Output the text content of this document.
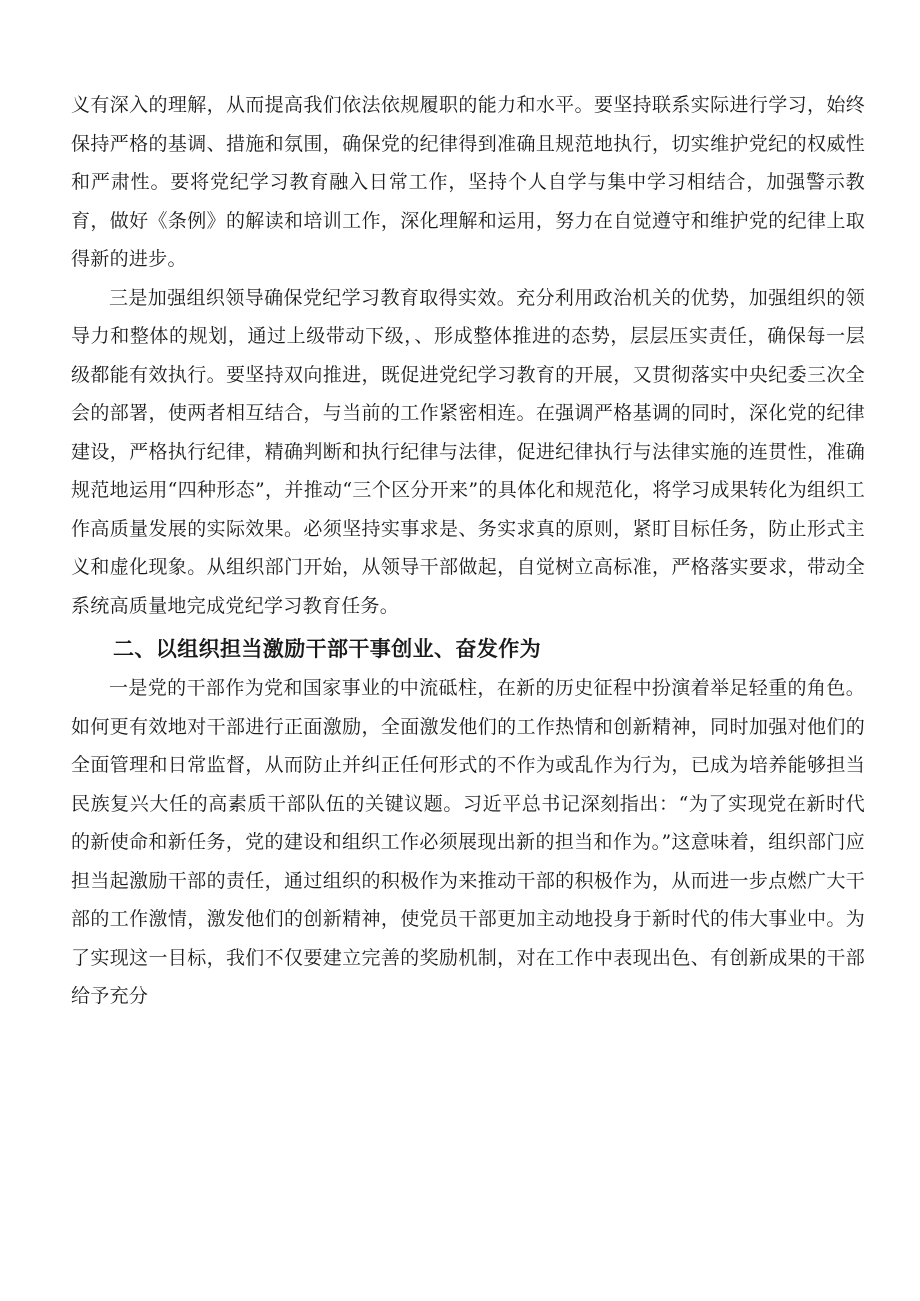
义有深入的理解，从而提高我们依法依规履职的能力和水平。要坚持联系实际进行学习，始终保持严格的基调、措施和氛围，确保党的纪律得到准确且规范地执行，切实维护党纪的权威性和严肃性。要将党纪学习教育融入日常工作，坚持个人自学与集中学习相结合，加强警示教育，做好《条例》的解读和培训工作，深化理解和运用，努力在自觉遵守和维护党的纪律上取得新的进步。

三是加强组织领导确保党纪学习教育取得实效。充分利用政治机关的优势，加强组织的领导力和整体的规划，通过上级带动下级，、形成整体推进的态势，层层压实责任，确保每一层级都能有效执行。要坚持双向推进，既促进党纪学习教育的开展，又贯彻落实中央纪委三次全会的部署，使两者相互结合，与当前的工作紧密相连。在强调严格基调的同时，深化党的纪律建设，严格执行纪律，精确判断和执行纪律与法律，促进纪律执行与法律实施的连贯性，准确规范地运用“四种形态”，并推动“三个区分开来”的具体化和规范化，将学习成果转化为组织工作高质量发展的实际效果。必须坚持实事求是、务实求真的原则，紧盯目标任务，防止形式主义和虚化现象。从组织部门开始，从领导干部做起，自觉树立高标准，严格落实要求，带动全系统高质量地完成党纪学习教育任务。

二、以组织担当激励干部干事创业、奋发作为

一是党的干部作为党和国家事业的中流砥柱，在新的历史征程中扮演着举足轻重的角色。如何更有效地对干部进行正面激励，全面激发他们的工作热情和创新精神，同时加强对他们的全面管理和日常监督，从而防止并纠正任何形式的不作为或乱作为行为，已成为培养能够担当民族复兴大任的高素质干部队伍的关键议题。习近平总书记深刻指出：“为了实现党在新时代的新使命和新任务，党的建设和组织工作必须展现出新的担当和作为。”这意味着，组织部门应担当起激励干部的责任，通过组织的积极作为来推动干部的积极作为，从而进一步点燃广大干部的工作激情，激发他们的创新精神，使党员干部更加主动地投身于新时代的伟大事业中。为了实现这一目标，我们不仅要建立完善的奖励机制，对在工作中表现出色、有创新成果的干部给予充分
